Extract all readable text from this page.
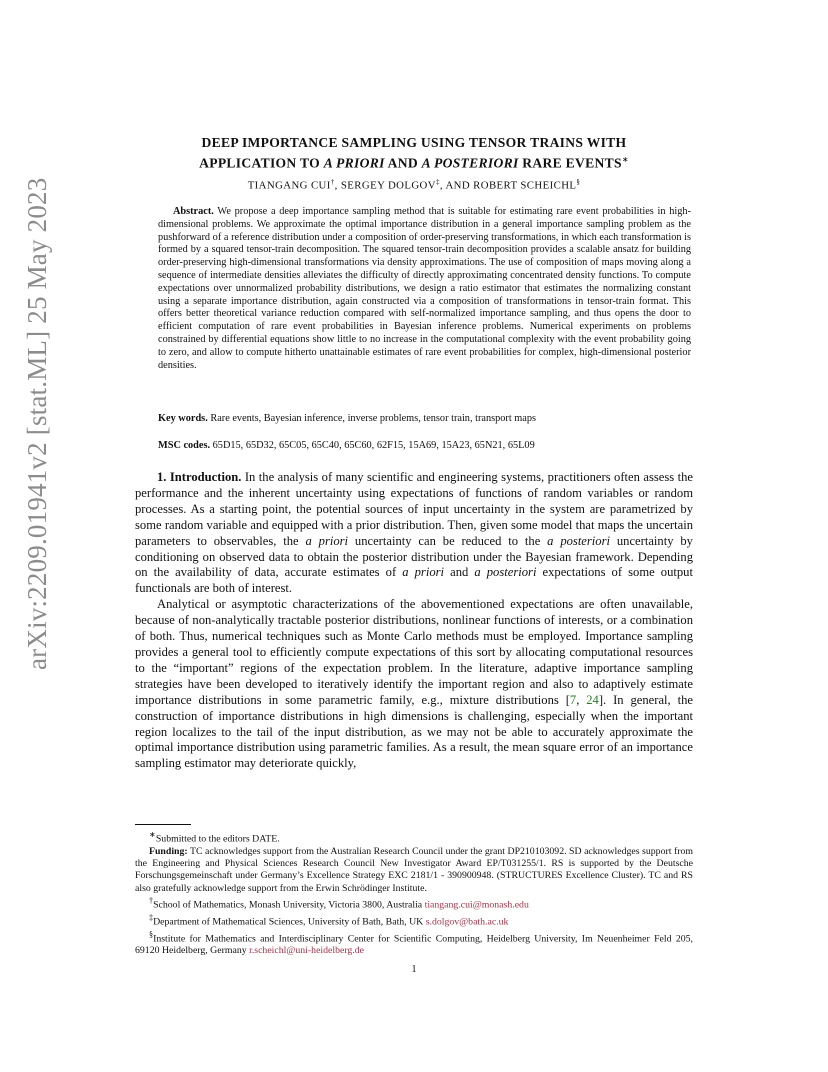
arXiv:2209.01941v2 [stat.ML] 25 May 2023
DEEP IMPORTANCE SAMPLING USING TENSOR TRAINS WITH
APPLICATION TO A PRIORI AND A POSTERIORI RARE EVENTS∗
TIANGANG CUI†, SERGEY DOLGOV‡, AND ROBERT SCHEICHL§

Abstract. We propose a deep importance sampling method that is suitable for estimating rare event probabilities in high-dimensional problems. We approximate the optimal importance distribution in a general importance sampling problem as the pushforward of a reference distribution under a composition of order-preserving transformations, in which each transformation is formed by a squared tensor-train decomposition. The squared tensor-train decomposition provides a scalable ansatz for building order-preserving high-dimensional transformations via density approximations. The use of composition of maps moving along a sequence of intermediate densities alleviates the difficulty of directly approximating concentrated density functions. To compute expectations over unnormalized probability distributions, we design a ratio estimator that estimates the normalizing constant using a separate importance distribution, again constructed via a composition of transformations in tensor-train format. This offers better theoretical variance reduction compared with self-normalized importance sampling, and thus opens the door to efficient computation of rare event probabilities in Bayesian inference problems. Numerical experiments on problems constrained by differential equations show little to no increase in the computational complexity with the event probability going to zero, and allow to compute hitherto unattainable estimates of rare event probabilities for complex, high-dimensional posterior densities.

Key words. Rare events, Bayesian inference, inverse problems, tensor train, transport maps

MSC codes. 65D15, 65D32, 65C05, 65C40, 65C60, 62F15, 15A69, 15A23, 65N21, 65L09

1. Introduction. In the analysis of many scientific and engineering systems, practitioners often assess the performance and the inherent uncertainty using expectations of functions of random variables or random processes. As a starting point, the potential sources of input uncertainty in the system are parametrized by some random variable and equipped with a prior distribution. Then, given some model that maps the uncertain parameters to observables, the a priori uncertainty can be reduced to the a posteriori uncertainty by conditioning on observed data to obtain the posterior distribution under the Bayesian framework. Depending on the availability of data, accurate estimates of a priori and a posteriori expectations of some output functionals are both of interest.

Analytical or asymptotic characterizations of the abovementioned expectations are often unavailable, because of non-analytically tractable posterior distributions, nonlinear functions of interests, or a combination of both. Thus, numerical techniques such as Monte Carlo methods must be employed. Importance sampling provides a general tool to efficiently compute expectations of this sort by allocating computational resources to the “important” regions of the expectation problem. In the literature, adaptive importance sampling strategies have been developed to iteratively identify the important region and also to adaptively estimate importance distributions in some parametric family, e.g., mixture distributions [7, 24]. In general, the construction of importance distributions in high dimensions is challenging, especially when the important region localizes to the tail of the input distribution, as we may not be able to accurately approximate the optimal importance distribution using parametric families. As a result, the mean square error of an importance sampling estimator may deteriorate quickly,

∗Submitted to the editors DATE.

Funding: TC acknowledges support from the Australian Research Council under the grant DP210103092. SD acknowledges support from the Engineering and Physical Sciences Research Council New Investigator Award EP/T031255/1. RS is supported by the Deutsche Forschungsgemeinschaft under Germany’s Excellence Strategy EXC 2181/1 - 390900948. (STRUCTURES Excellence Cluster). TC and RS also gratefully acknowledge support from the Erwin Schrödinger Institute.

†School of Mathematics, Monash University, Victoria 3800, Australia tiangang.cui@monash.edu

‡Department of Mathematical Sciences, University of Bath, Bath, UK s.dolgov@bath.ac.uk

§Institute for Mathematics and Interdisciplinary Center for Scientific Computing, Heidelberg University, Im Neuenheimer Feld 205, 69120 Heidelberg, Germany r.scheichl@uni-heidelberg.de

1
